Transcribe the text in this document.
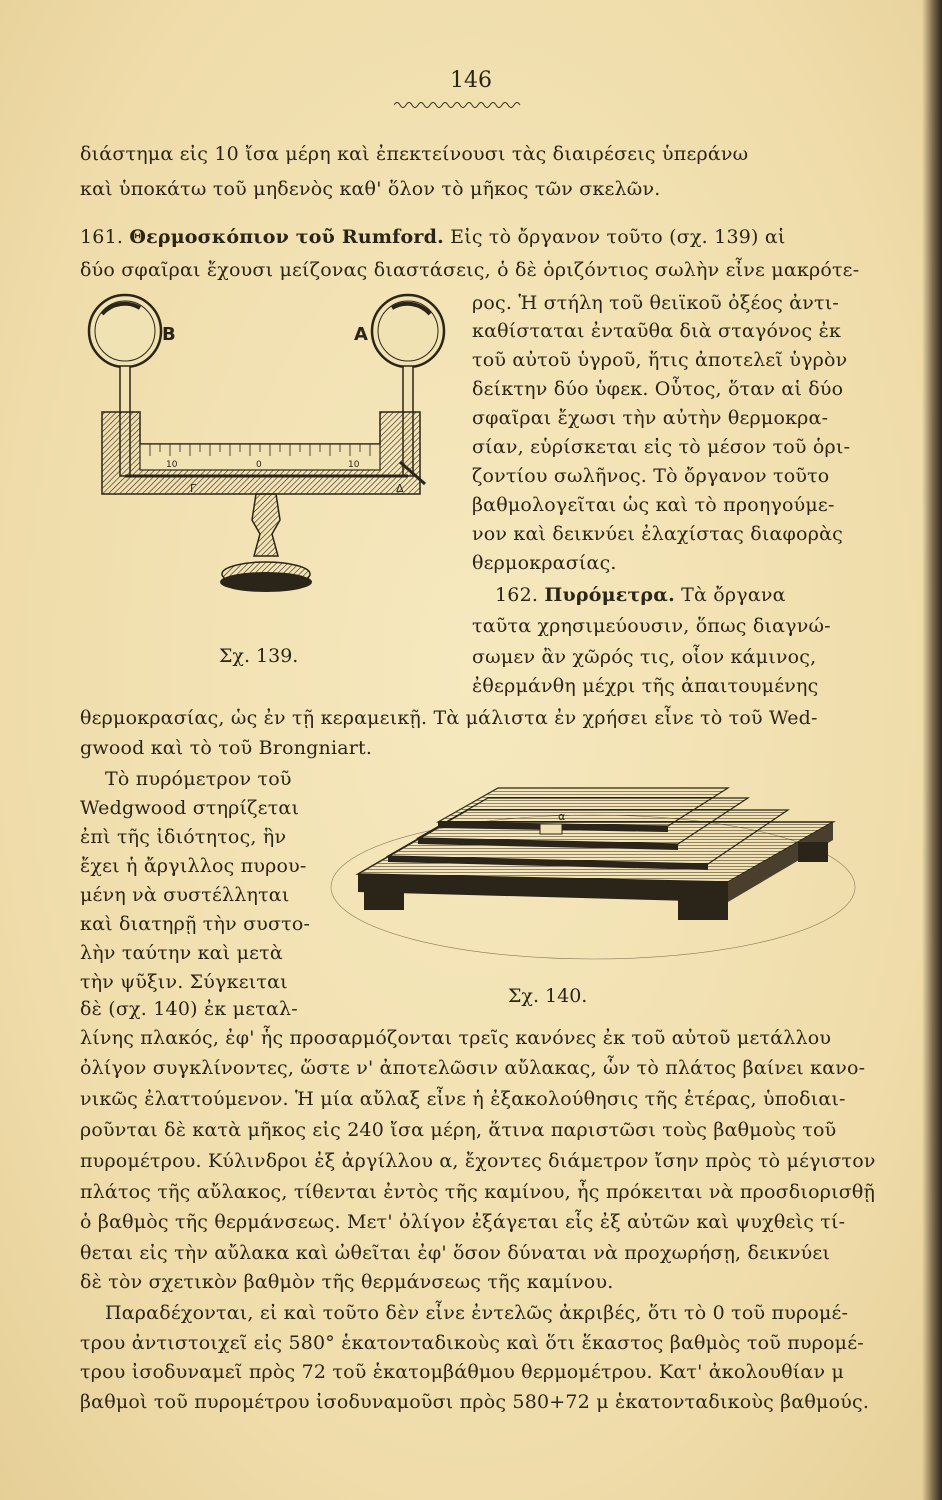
146
διάστημα εἰς 10 ἴσα μέρη καὶ ἐπεκτείνουσι τὰς διαιρέσεις ὑπεράνω
καὶ ὑποκάτω τοῦ μηδενὸς καθ' ὅλον τὸ μῆκος τῶν σκελῶν.
161. Θερμοσκόπιον τοῦ Rumford. Εἰς τὸ ὄργανον τοῦτο (σχ. 139) αἱ
δύο σφαῖραι ἔχουσι μείζονας διαστάσεις, ὁ δὲ ὁριζόντιος σωλὴν εἶνε μακρότε-
B	A
10	0	10
Γ	Δ
Σχ. 139.
ρος. Ἡ στήλη τοῦ θειϊκοῦ ὀξέος ἀντι-
καθίσταται ἐνταῦθα διὰ σταγόνος ἐκ
τοῦ αὐτοῦ ὑγροῦ, ἥτις ἀποτελεῖ ὑγρὸν
δείκτην δύο ὑφεκ. Οὗτος, ὅταν αἱ δύο
σφαῖραι ἔχωσι τὴν αὐτὴν θερμοκρα-
σίαν, εὑρίσκεται εἰς τὸ μέσον τοῦ ὁρι-
ζοντίου σωλῆνος. Τὸ ὄργανον τοῦτο
βαθμολογεῖται ὡς καὶ τὸ προηγούμε-
νον καὶ δεικνύει ἐλαχίστας διαφορὰς
θερμοκρασίας.
162. Πυρόμετρα. Τὰ ὄργανα
ταῦτα χρησιμεύουσιν, ὅπως διαγνώ-
σωμεν ἂν χῶρός τις, οἷον κάμινος,
ἐθερμάνθη μέχρι τῆς ἀπαιτουμένης
θερμοκρασίας, ὡς ἐν τῇ κεραμεικῇ. Τὰ μάλιστα ἐν χρήσει εἶνε τὸ τοῦ Wed-
gwood καὶ τὸ τοῦ Brongniart.
Τὸ πυρόμετρον τοῦ
Wedgwood στηρίζεται
ἐπὶ τῆς ἰδιότητος, ἣν
ἔχει ἡ ἄργιλλος πυρου-
μένη νὰ συστέλληται
καὶ διατηρῇ τὴν συστο-
λὴν ταύτην καὶ μετὰ
τὴν ψῦξιν. Σύγκειται
δὲ (σχ. 140) ἐκ μεταλ-
α
Σχ. 140.
λίνης πλακός, ἐφ' ἧς προσαρμόζονται τρεῖς κανόνες ἐκ τοῦ αὐτοῦ μετάλλου
ὀλίγον συγκλίνοντες, ὥστε ν' ἀποτελῶσιν αὔλακας, ὧν τὸ πλάτος βαίνει κανο-
νικῶς ἐλαττούμενον. Ἡ μία αὔλαξ εἶνε ἡ ἐξακολούθησις τῆς ἑτέρας, ὑποδιαι-
ροῦνται δὲ κατὰ μῆκος εἰς 240 ἴσα μέρη, ἅτινα παριστῶσι τοὺς βαθμοὺς τοῦ
πυρομέτρου. Κύλινδροι ἐξ ἀργίλλου α, ἔχοντες διάμετρον ἴσην πρὸς τὸ μέγιστον
πλάτος τῆς αὔλακος, τίθενται ἐντὸς τῆς καμίνου, ἧς πρόκειται νὰ προσδιορισθῇ
ὁ βαθμὸς τῆς θερμάνσεως. Μετ' ὀλίγον ἐξάγεται εἷς ἐξ αὐτῶν καὶ ψυχθεὶς τί-
θεται εἰς τὴν αὔλακα καὶ ὠθεῖται ἐφ' ὅσον δύναται νὰ προχωρήσῃ, δεικνύει
δὲ τὸν σχετικὸν βαθμὸν τῆς θερμάνσεως τῆς καμίνου.
Παραδέχονται, εἰ καὶ τοῦτο δὲν εἶνε ἐντελῶς ἀκριβές, ὅτι τὸ 0 τοῦ πυρομέ-
τρου ἀντιστοιχεῖ εἰς 580° ἑκατονταδικοὺς καὶ ὅτι ἕκαστος βαθμὸς τοῦ πυρομέ-
τρου ἰσοδυναμεῖ πρὸς 72 τοῦ ἑκατομβάθμου θερμομέτρου. Κατ' ἀκολουθίαν μ
βαθμοὶ τοῦ πυρομέτρου ἰσοδυναμοῦσι πρὸς 580+72 μ ἑκατονταδικοὺς βαθμούς.
